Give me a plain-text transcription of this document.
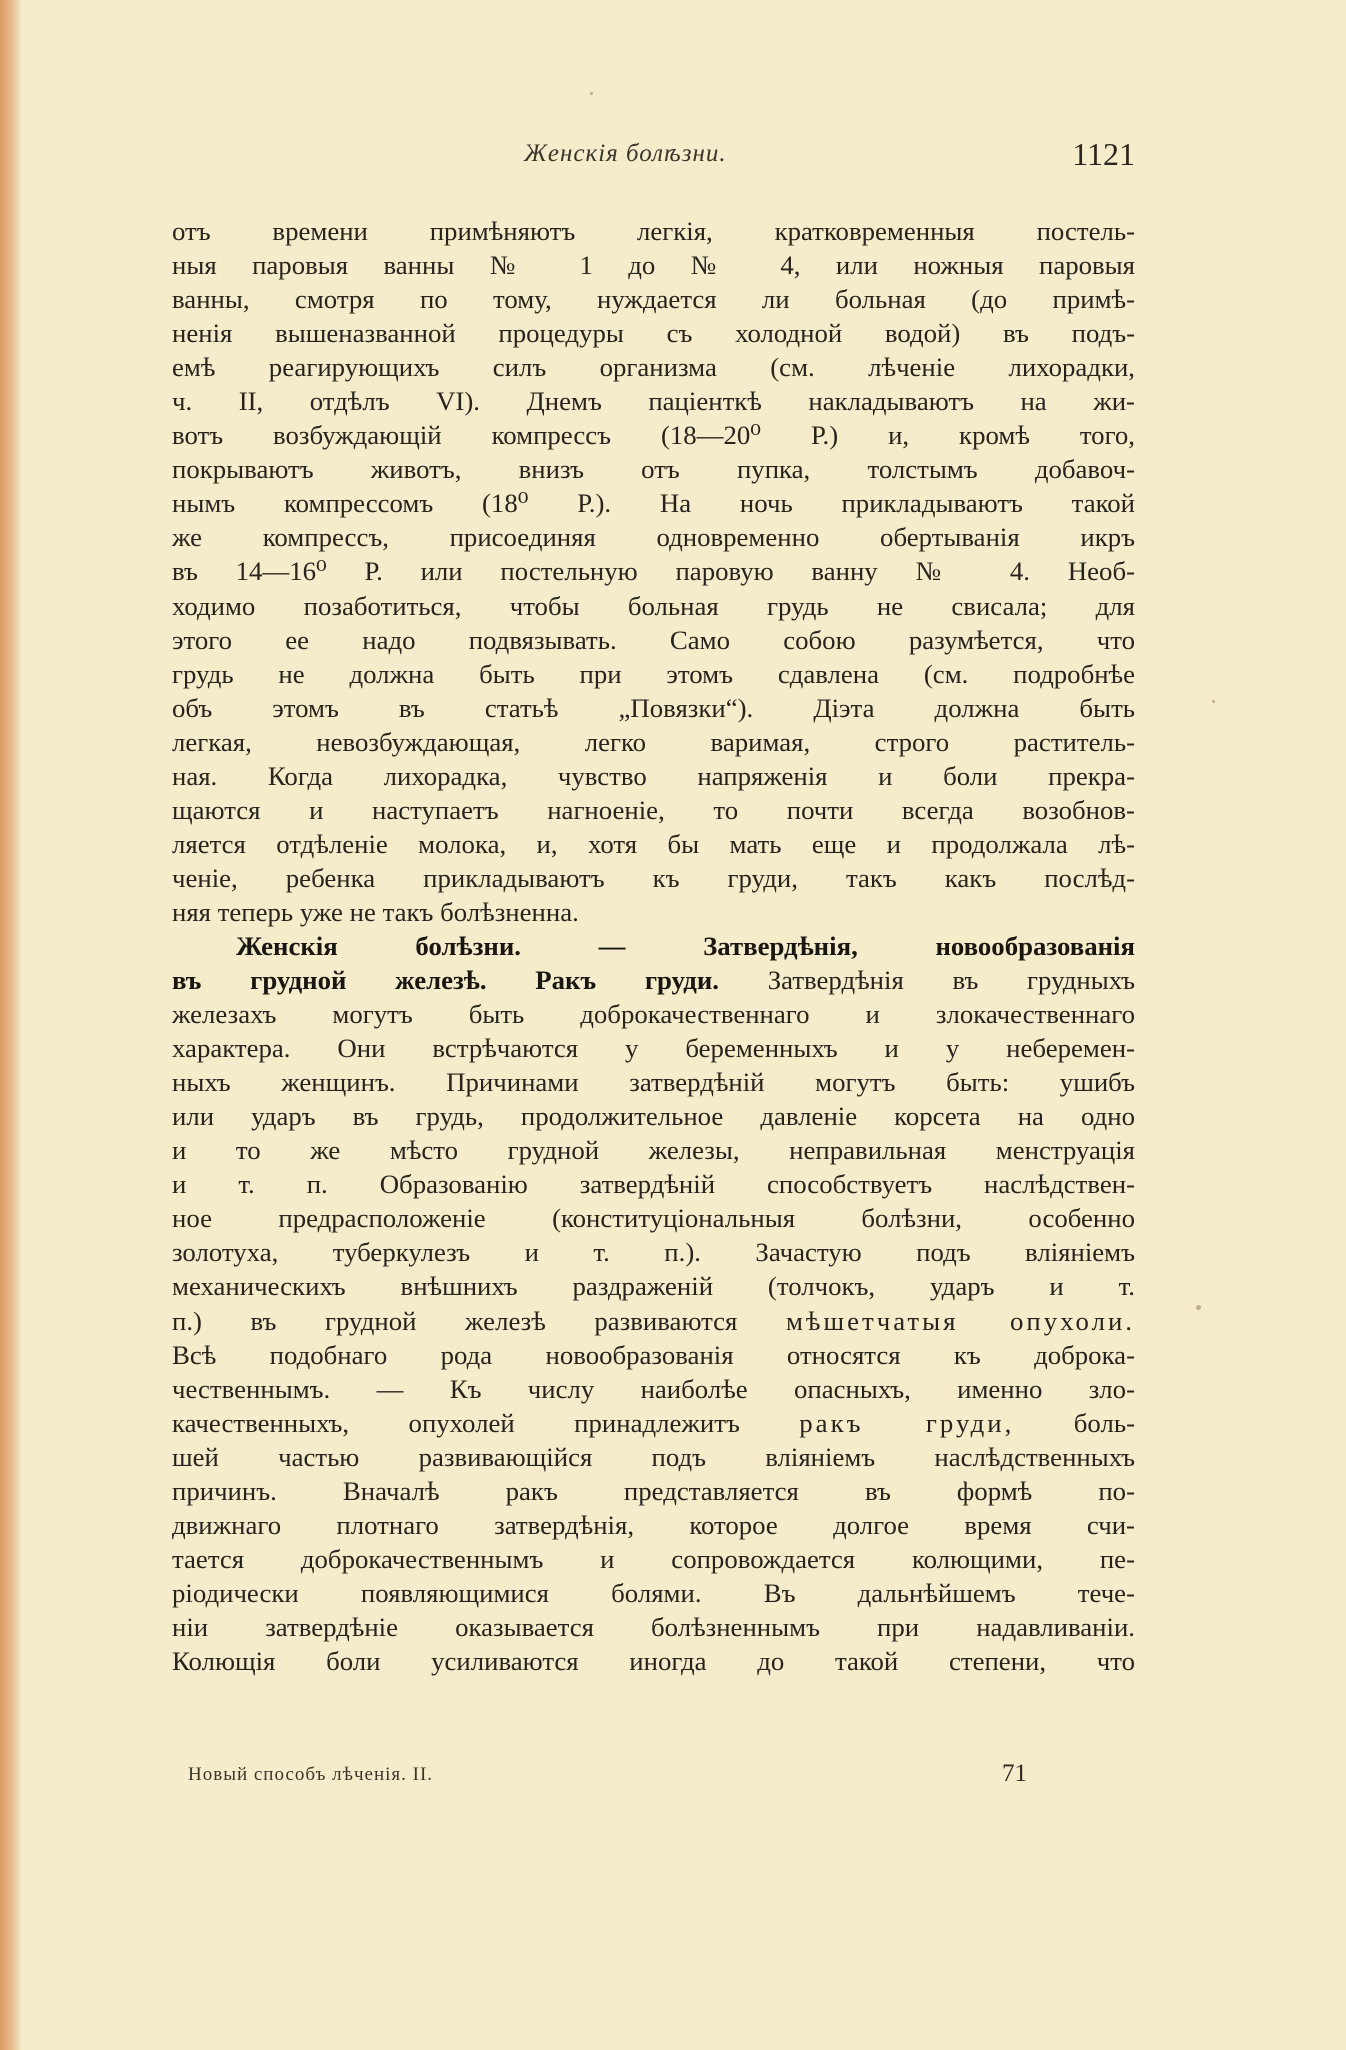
Женскія болѣзни.	1121
отъ времени примѣняютъ легкія, кратковременныя постель-
ныя паровыя ванны № 1 до № 4, или ножныя паровыя
ванны, смотря по тому, нуждается ли больная (до примѣ-
ненія вышеназванной процедуры съ холодной водой) въ подъ-
емѣ реагирующихъ силъ организма (см. лѣченіе лихорадки,
ч. II, отдѣлъ VI). Днемъ паціенткѣ накладываютъ на жи-
вотъ возбуждающій компрессъ (18—20⁰ Р.) и, кромѣ того,
покрываютъ животъ, внизъ отъ пупка, толстымъ добавоч-
нымъ компрессомъ (18⁰ Р.). На ночь прикладываютъ такой
же компрессъ, присоединяя одновременно обертыванія икръ
въ 14—16⁰ Р. или постельную паровую ванну № 4. Необ-
ходимо позаботиться, чтобы больная грудь не свисала; для
этого ее надо подвязывать. Само собою разумѣется, что
грудь не должна быть при этомъ сдавлена (см. подробнѣе
объ этомъ въ статьѣ „Повязки“). Діэта должна быть
легкая, невозбуждающая, легко варимая, строго раститель-
ная. Когда лихорадка, чувство напряженія и боли прекра-
щаются и наступаетъ нагноеніе, то почти всегда возобнов-
ляется отдѣленіе молока, и, хотя бы мать еще и продолжала лѣ-
ченіе, ребенка прикладываютъ къ груди, такъ какъ послѣд-
няя теперь уже не такъ болѣзненна.
Женскія болѣзни. — Затвердѣнія, новообразованія
въ грудной железѣ. Ракъ груди. Затвердѣнія въ грудныхъ
железахъ могутъ быть доброкачественнаго и злокачественнаго
характера. Они встрѣчаются у беременныхъ и у неберемен-
ныхъ женщинъ. Причинами затвердѣній могутъ быть: ушибъ
или ударъ въ грудь, продолжительное давленіе корсета на одно
и то же мѣсто грудной железы, неправильная менструація
и т. п. Образованію затвердѣній способствуетъ наслѣдствен-
ное предрасположеніе (конституціональныя болѣзни, особенно
золотуха, туберкулезъ и т. п.). Зачастую подъ вліяніемъ
механическихъ внѣшнихъ раздраженій (толчокъ, ударъ и т.
п.) въ грудной железѣ развиваются мѣшетчатыя опухоли.
Всѣ подобнаго рода новообразованія относятся къ доброка-
чественнымъ. — Къ числу наиболѣе опасныхъ, именно зло-
качественныхъ, опухолей принадлежитъ ракъ груди, боль-
шей частью развивающійся подъ вліяніемъ наслѣдственныхъ
причинъ. Вначалѣ ракъ представляется въ формѣ по-
движнаго плотнаго затвердѣнія, которое долгое время счи-
тается доброкачественнымъ и сопровождается колющими, пе-
ріодически появляющимися болями. Въ дальнѣйшемъ тече-
ніи затвердѣніе оказывается болѣзненнымъ при надавливаніи.
Колющія боли усиливаются иногда до такой степени, что
Новый способъ лѣченія. II.	71
